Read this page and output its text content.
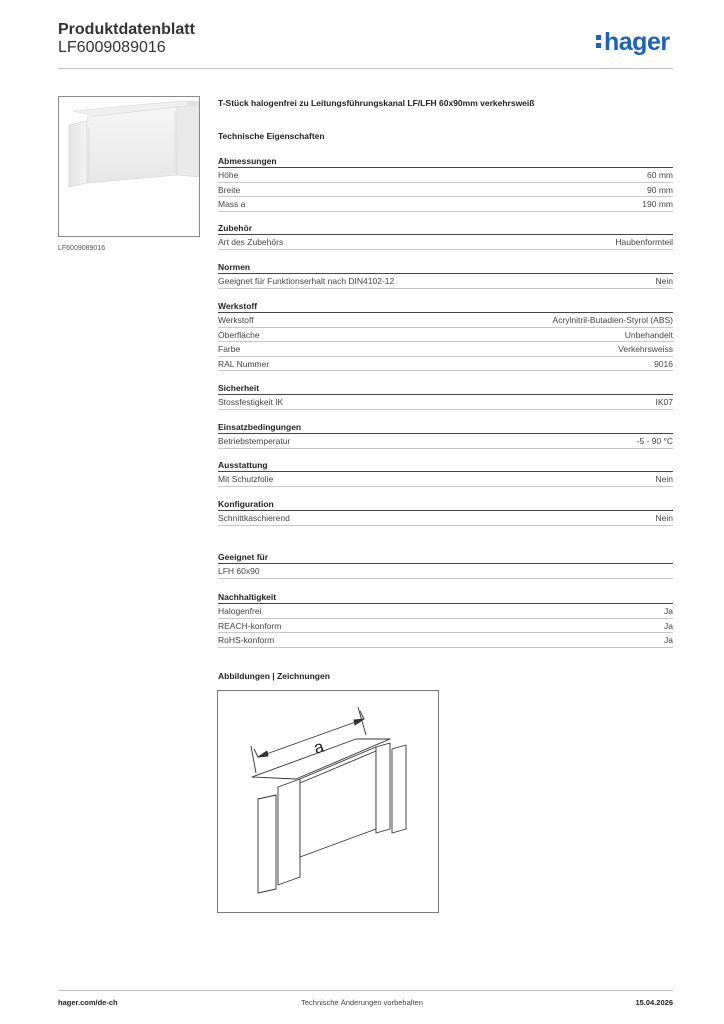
Produktdatenblatt
LF6009089016	hager
LF6009089016
T-Stück halogenfrei zu Leitungsführungskanal LF/LFH 60x90mm verkehrsweiß
Technische Eigenschaften
Abmessungen
Höhe	60 mm
Breite	90 mm
Mass a	190 mm
Zubehör
Art des Zubehörs	Haubenformteil
Normen
Geeignet für Funktionserhalt nach DIN4102-12	Nein
Werkstoff
Werkstoff	Acrylnitril-Butadien-Styrol (ABS)
Oberfläche	Unbehandelt
Farbe	Verkehrsweiss
RAL Nummer	9016
Sicherheit
Stossfestigkeit IK	IK07
Einsatzbedingungen
Betriebstemperatur	-5 - 90 °C
Ausstattung
Mit Schutzfolie	Nein
Konfiguration
Schnittkaschierend	Nein
Geeignet für
LFH 60x90
Nachhaltigkeit
Halogenfrei	Ja
REACH-konform	Ja
RoHS-konform	Ja
Abbildungen | Zeichnungen
a
hager.com/de-ch	Technische Änderungen vorbehalten	15.04.2026
